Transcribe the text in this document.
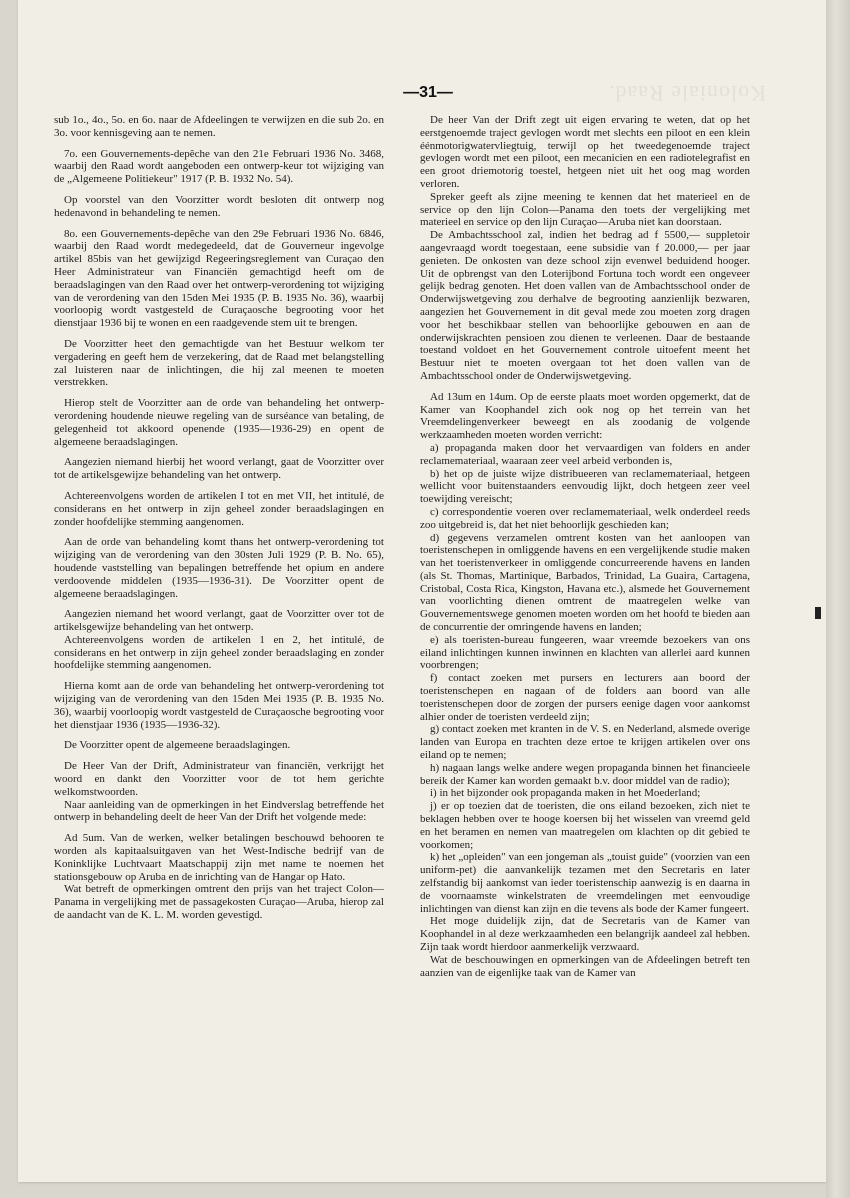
Koloniale Raad.
—31—

sub 1o., 4o., 5o. en 6o. naar de Afdeelingen te verwijzen en die sub 2o. en 3o. voor kennisgeving aan te nemen.

7o. een Gouvernements-depêche van den 21e Februari 1936 No. 3468, waarbij den Raad wordt aangeboden een ontwerp-keur tot wijziging van de „Algemeene Politiekeur" 1917 (P. B. 1932 No. 54).

Op voorstel van den Voorzitter wordt besloten dit ontwerp nog hedenavond in behandeling te nemen.

8o. een Gouvernements-depêche van den 29e Februari 1936 No. 6846, waarbij den Raad wordt medegedeeld, dat de Gouverneur ingevolge artikel 85bis van het gewijzigd Regeeringsreglement van Curaçao den Heer Administrateur van Financiën gemachtigd heeft om de beraadslagingen van den Raad over het ontwerp-verordening tot wijziging van de verordening van den 15den Mei 1935 (P. B. 1935 No. 36), waarbij voorloopig wordt vastgesteld de Curaçaosche begrooting voor het dienstjaar 1936 bij te wonen en een raadgevende stem uit te brengen.

De Voorzitter heet den gemachtigde van het Bestuur welkom ter vergadering en geeft hem de verzekering, dat de Raad met belangstelling zal luisteren naar de inlichtingen, die hij zal meenen te moeten verstrekken.

Hierop stelt de Voorzitter aan de orde van behandeling het ontwerp-verordening houdende nieuwe regeling van de surséance van betaling, de gelegenheid tot akkoord openende (1935—1936-29) en opent de algemeene beraadslagingen.

Aangezien niemand hierbij het woord verlangt, gaat de Voorzitter over tot de artikelsgewijze behandeling van het ontwerp.

Achtereenvolgens worden de artikelen I tot en met VII, het intitulé, de considerans en het ontwerp in zijn geheel zonder beraadslagingen en zonder hoofdelijke stemming aangenomen.

Aan de orde van behandeling komt thans het ontwerp-verordening tot wijziging van de verordening van den 30sten Juli 1929 (P. B. No. 65), houdende vaststelling van bepalingen betreffende het opium en andere verdoovende middelen (1935—1936-31). De Voorzitter opent de algemeene beraadslagingen.

Aangezien niemand het woord verlangt, gaat de Voorzitter over tot de artikelsgewijze behandeling van het ontwerp.

Achtereenvolgens worden de artikelen 1 en 2, het intitulé, de considerans en het ontwerp in zijn geheel zonder beraadslaging en zonder hoofdelijke stemming aangenomen.

Hierna komt aan de orde van behandeling het ontwerp-verordening tot wijziging van de verordening van den 15den Mei 1935 (P. B. 1935 No. 36), waarbij voorloopig wordt vastgesteld de Curaçaosche begrooting voor het dienstjaar 1936 (1935—1936-32).

De Voorzitter opent de algemeene beraadslagingen.

De Heer Van der Drift, Administrateur van financiën, verkrijgt het woord en dankt den Voorzitter voor de tot hem gerichte welkomstwoorden.

Naar aanleiding van de opmerkingen in het Eindverslag betreffende het ontwerp in behandeling deelt de heer Van der Drift het volgende mede:

Ad 5um. Van de werken, welker betalingen beschouwd behooren te worden als kapitaalsuitgaven van het West-Indische bedrijf van de Koninklijke Luchtvaart Maatschappij zijn met name te noemen het stationsgebouw op Aruba en de inrichting van de Hangar op Hato.

Wat betreft de opmerkingen omtrent den prijs van het traject Colon—Panama in vergelijking met de passagekosten Curaçao—Aruba, hierop zal de aandacht van de K. L. M. worden gevestigd.

De heer Van der Drift zegt uit eigen ervaring te weten, dat op het eerstgenoemde traject gevlogen wordt met slechts een piloot en een klein éénmotorigwatervliegtuig, terwijl op het tweedegenoemde traject gevlogen wordt met een piloot, een mecanicien en een radiotelegrafist en een groot driemotorig toestel, hetgeen niet uit het oog mag worden verloren.

Spreker geeft als zijne meening te kennen dat het materieel en de service op den lijn Colon—Panama den toets der vergelijking met materieel en service op den lijn Curaçao—Aruba niet kan doorstaan.

De Ambachtsschool zal, indien het bedrag ad f 5500,— suppletoir aangevraagd wordt toegestaan, eene subsidie van f 20.000,— per jaar genieten. De onkosten van deze school zijn evenwel beduidend hooger. Uit de opbrengst van den Loterijbond Fortuna toch wordt een ongeveer gelijk bedrag genoten. Het doen vallen van de Ambachtsschool onder de Onderwijswetgeving zou derhalve de begrooting aanzienlijk bezwaren, aangezien het Gouvernement in dit geval mede zou moeten zorg dragen voor het beschikbaar stellen van behoorlijke gebouwen en aan de onderwijskrachten pensioen zou dienen te verleenen. Daar de bestaande toestand voldoet en het Gouvernement controle uitoefent meent het Bestuur niet te moeten overgaan tot het doen vallen van de Ambachtsschool onder de Onderwijswetgeving.

Ad 13um en 14um. Op de eerste plaats moet worden opgemerkt, dat de Kamer van Koophandel zich ook nog op het terrein van het Vreemdelingenverkeer beweegt en als zoodanig de volgende werkzaamheden moeten worden verricht:

a) propaganda maken door het vervaardigen van folders en ander reclamemateriaal, waaraan zeer veel arbeid verbonden is,

b) het op de juiste wijze distribueeren van reclamemateriaal, hetgeen wellicht voor buitenstaanders eenvoudig lijkt, doch hetgeen zeer veel toewijding vereischt;

c) correspondentie voeren over reclamemateriaal, welk onderdeel reeds zoo uitgebreid is, dat het niet behoorlijk geschieden kan;

d) gegevens verzamelen omtrent kosten van het aanloopen van toeristenschepen in omliggende havens en een vergelijkende studie maken van het toeristenverkeer in omliggende concurreerende havens en landen (als St. Thomas, Martinique, Barbados, Trinidad, La Guaira, Cartagena, Cristobal, Costa Rica, Kingston, Havana etc.), alsmede het Gouvernement van voorlichting dienen omtrent de maatregelen welke van Gouvernementswege genomen moeten worden om het hoofd te bieden aan de concurrentie der omringende havens en landen;

e) als toeristen-bureau fungeeren, waar vreemde bezoekers van ons eiland inlichtingen kunnen inwinnen en klachten van allerlei aard kunnen voorbrengen;

f) contact zoeken met pursers en lecturers aan boord der toeristenschepen en nagaan of de folders aan boord van alle toeristenschepen door de zorgen der pursers eenige dagen voor aankomst alhier onder de toeristen verdeeld zijn;

g) contact zoeken met kranten in de V. S. en Nederland, alsmede overige landen van Europa en trachten deze ertoe te krijgen artikelen over ons eiland op te nemen;

h) nagaan langs welke andere wegen propaganda binnen het financieele bereik der Kamer kan worden gemaakt b.v. door middel van de radio);

i) in het bijzonder ook propaganda maken in het Moederland;

j) er op toezien dat de toeristen, die ons eiland bezoeken, zich niet te beklagen hebben over te hooge koersen bij het wisselen van vreemd geld en het beramen en nemen van maatregelen om klachten op dit gebied te voorkomen;

k) het „opleiden" van een jongeman als „touist guide" (voorzien van een uniform-pet) die aanvankelijk tezamen met den Secretaris en later zelfstandig bij aankomst van ieder toeristenschip aanwezig is en daarna in de voornaamste winkelstraten de vreemdelingen met eenvoudige inlichtingen van dienst kan zijn en die tevens als bode der Kamer fungeert.

Het moge duidelijk zijn, dat de Secretaris van de Kamer van Koophandel in al deze werkzaamheden een belangrijk aandeel zal hebben. Zijn taak wordt hierdoor aanmerkelijk verzwaard.

Wat de beschouwingen en opmerkingen van de Afdeelingen betreft ten aanzien van de eigenlijke taak van de Kamer van
